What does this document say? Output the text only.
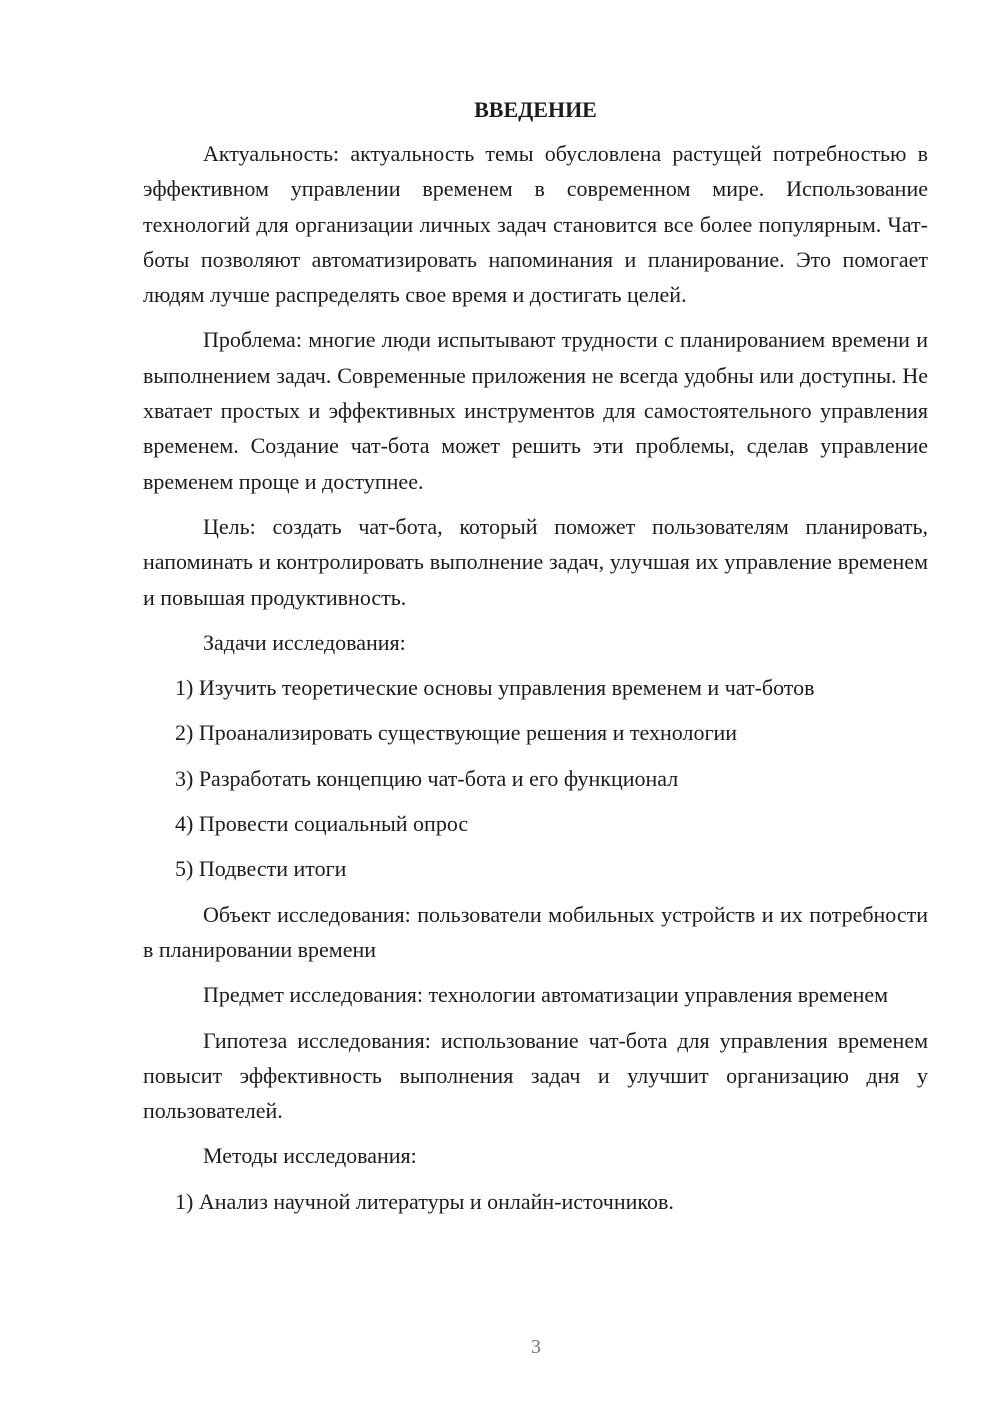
ВВЕДЕНИЕ

Актуальность: актуальность темы обусловлена растущей потребностью в эффективном управлении временем в современном мире. Использование технологий для организации личных задач становится все более популярным. Чат-боты позволяют автоматизировать напоминания и планирование. Это помогает людям лучше распределять свое время и достигать целей.

Проблема: многие люди испытывают трудности с планированием времени и выполнением задач. Современные приложения не всегда удобны или доступны. Не хватает простых и эффективных инструментов для самостоятельного управления временем. Создание чат-бота может решить эти проблемы, сделав управление временем проще и доступнее.

Цель: создать чат-бота, который поможет пользователям планировать, напоминать и контролировать выполнение задач, улучшая их управление временем и повышая продуктивность.

Задачи исследования:

1) Изучить теоретические основы управления временем и чат-ботов
2) Проанализировать существующие решения и технологии
3) Разработать концепцию чат-бота и его функционал
4) Провести социальный опрос
5) Подвести итоги

Объект исследования: пользователи мобильных устройств и их потребности в планировании времени

Предмет исследования: технологии автоматизации управления временем

Гипотеза исследования: использование чат-бота для управления временем повысит эффективность выполнения задач и улучшит организацию дня у пользователей.

Методы исследования:

1) Анализ научной литературы и онлайн-источников.
3
